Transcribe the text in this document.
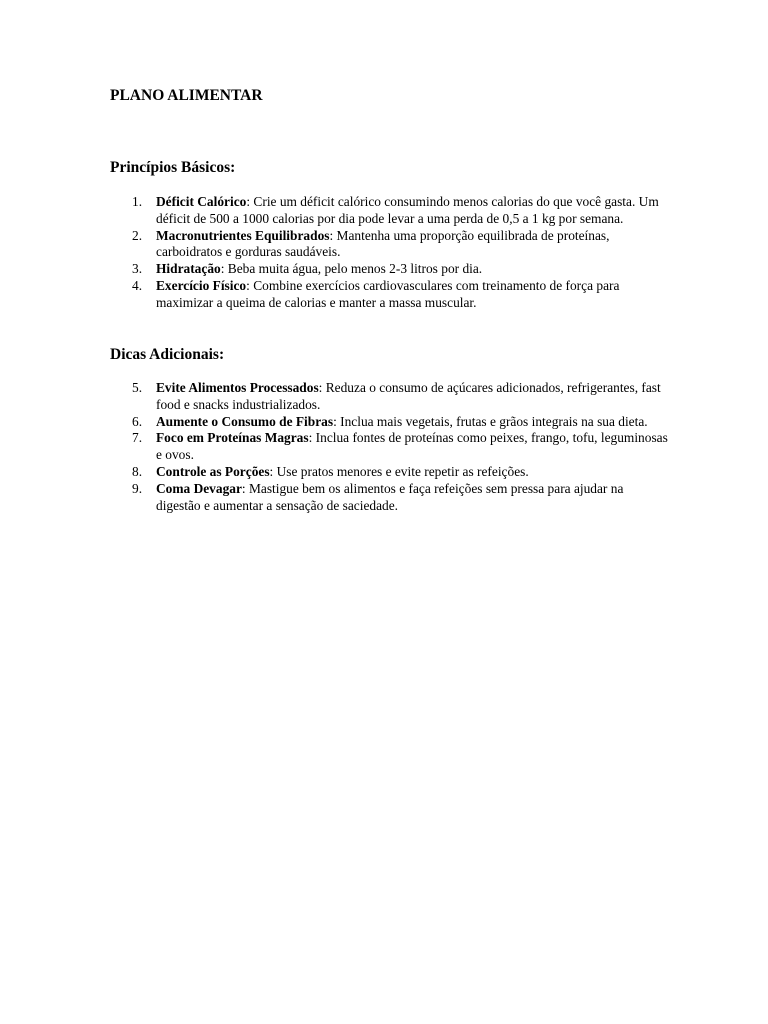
PLANO ALIMENTAR
Princípios Básicos:
1. Déficit Calórico: Crie um déficit calórico consumindo menos calorias do que você gasta. Um déficit de 500 a 1000 calorias por dia pode levar a uma perda de 0,5 a 1 kg por semana.
2. Macronutrientes Equilibrados: Mantenha uma proporção equilibrada de proteínas, carboidratos e gorduras saudáveis.
3. Hidratação: Beba muita água, pelo menos 2-3 litros por dia.
4. Exercício Físico: Combine exercícios cardiovasculares com treinamento de força para maximizar a queima de calorias e manter a massa muscular.
Dicas Adicionais:
5. Evite Alimentos Processados: Reduza o consumo de açúcares adicionados, refrigerantes, fast food e snacks industrializados.
6. Aumente o Consumo de Fibras: Inclua mais vegetais, frutas e grãos integrais na sua dieta.
7. Foco em Proteínas Magras: Inclua fontes de proteínas como peixes, frango, tofu, leguminosas e ovos.
8. Controle as Porções: Use pratos menores e evite repetir as refeições.
9. Coma Devagar: Mastigue bem os alimentos e faça refeições sem pressa para ajudar na digestão e aumentar a sensação de saciedade.
